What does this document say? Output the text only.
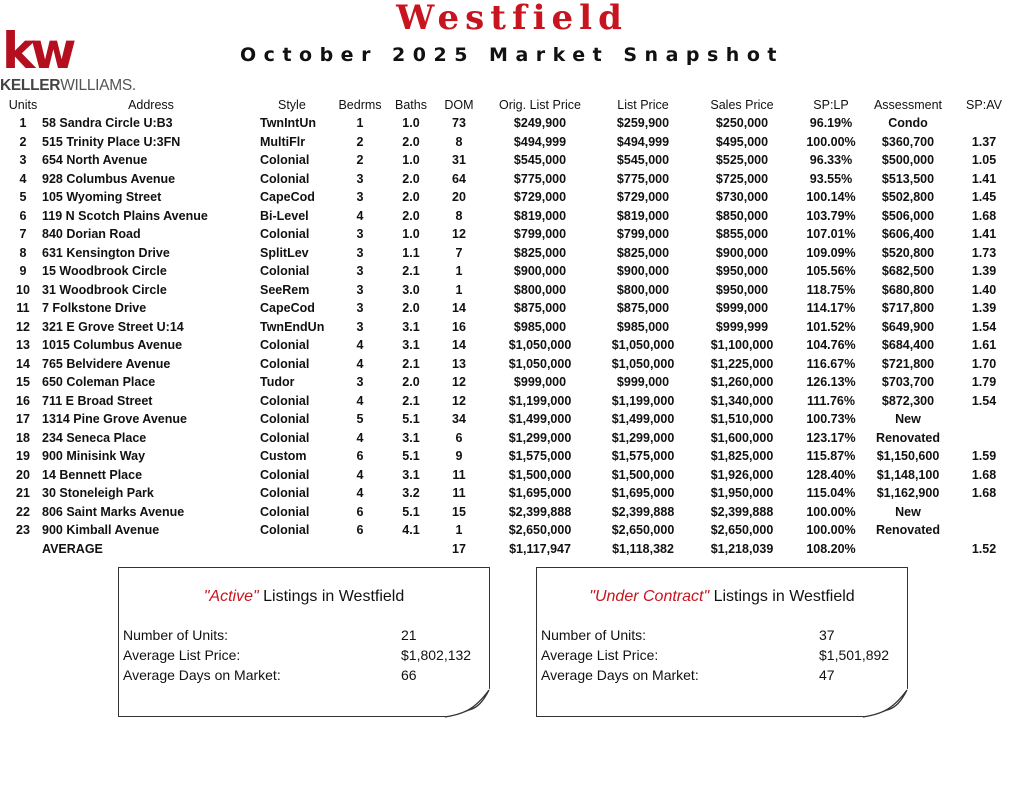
kw
KELLERWILLIAMS.
Westfield
October 2025 Market Snapshot
Units	Address	Style	Bedrms	Baths	DOM	Orig. List Price	List Price	Sales Price	SP:LP	Assessment	SP:AV
1	58 Sandra Circle U:B3	TwnIntUn	1	1.0	73	$249,900	$259,900	$250,000	96.19%	Condo	
2	515 Trinity Place U:3FN	MultiFlr	2	2.0	8	$494,999	$494,999	$495,000	100.00%	$360,700	1.37
3	654 North Avenue	Colonial	2	1.0	31	$545,000	$545,000	$525,000	96.33%	$500,000	1.05
4	928 Columbus Avenue	Colonial	3	2.0	64	$775,000	$775,000	$725,000	93.55%	$513,500	1.41
5	105 Wyoming Street	CapeCod	3	2.0	20	$729,000	$729,000	$730,000	100.14%	$502,800	1.45
6	119 N Scotch Plains Avenue	Bi-Level	4	2.0	8	$819,000	$819,000	$850,000	103.79%	$506,000	1.68
7	840 Dorian Road	Colonial	3	1.0	12	$799,000	$799,000	$855,000	107.01%	$606,400	1.41
8	631 Kensington Drive	SplitLev	3	1.1	7	$825,000	$825,000	$900,000	109.09%	$520,800	1.73
9	15 Woodbrook Circle	Colonial	3	2.1	1	$900,000	$900,000	$950,000	105.56%	$682,500	1.39
10	31 Woodbrook Circle	SeeRem	3	3.0	1	$800,000	$800,000	$950,000	118.75%	$680,800	1.40
11	7 Folkstone Drive	CapeCod	3	2.0	14	$875,000	$875,000	$999,000	114.17%	$717,800	1.39
12	321 E Grove Street U:14	TwnEndUn	3	3.1	16	$985,000	$985,000	$999,999	101.52%	$649,900	1.54
13	1015 Columbus Avenue	Colonial	4	3.1	14	$1,050,000	$1,050,000	$1,100,000	104.76%	$684,400	1.61
14	765 Belvidere Avenue	Colonial	4	2.1	13	$1,050,000	$1,050,000	$1,225,000	116.67%	$721,800	1.70
15	650 Coleman Place	Tudor	3	2.0	12	$999,000	$999,000	$1,260,000	126.13%	$703,700	1.79
16	711 E Broad Street	Colonial	4	2.1	12	$1,199,000	$1,199,000	$1,340,000	111.76%	$872,300	1.54
17	1314 Pine Grove Avenue	Colonial	5	5.1	34	$1,499,000	$1,499,000	$1,510,000	100.73%	New	
18	234 Seneca Place	Colonial	4	3.1	6	$1,299,000	$1,299,000	$1,600,000	123.17%	Renovated	
19	900 Minisink Way	Custom	6	5.1	9	$1,575,000	$1,575,000	$1,825,000	115.87%	$1,150,600	1.59
20	14 Bennett Place	Colonial	4	3.1	11	$1,500,000	$1,500,000	$1,926,000	128.40%	$1,148,100	1.68
21	30 Stoneleigh Park	Colonial	4	3.2	11	$1,695,000	$1,695,000	$1,950,000	115.04%	$1,162,900	1.68
22	806 Saint Marks Avenue	Colonial	6	5.1	15	$2,399,888	$2,399,888	$2,399,888	100.00%	New	
23	900 Kimball Avenue	Colonial	6	4.1	1	$2,650,000	$2,650,000	$2,650,000	100.00%	Renovated	
	AVERAGE				17	$1,117,947	$1,118,382	$1,218,039	108.20%		1.52
"Active" Listings in Westfield
Number of Units:	21
Average List Price:	$1,802,132
Average Days on Market:	66
"Under Contract" Listings in Westfield
Number of Units:	37
Average List Price:	$1,501,892
Average Days on Market:	47
